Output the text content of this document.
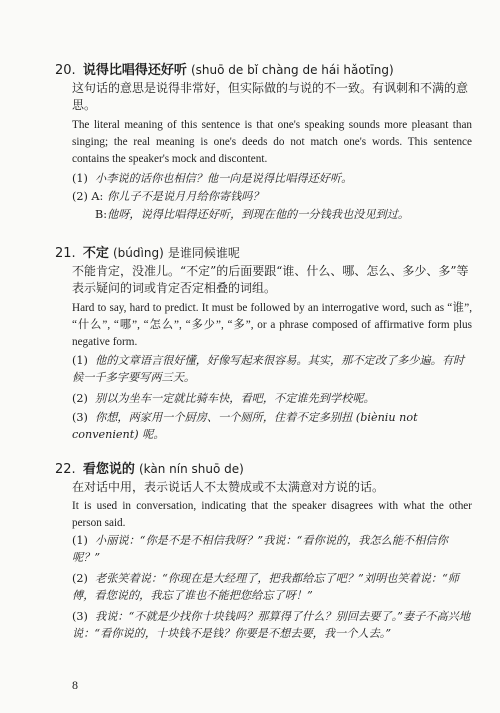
20. 说得比唱得还好听 (shuō de bǐ chàng de hái hǎotīng)
这句话的意思是说得非常好，但实际做的与说的不一致。有讽刺和不满的意思。
The literal meaning of this sentence is that one's speaking sounds more pleasant than singing; the real meaning is one's deeds do not match one's words. This sentence contains the speaker's mock and discontent.
(1) 小李说的话你也相信？他一向是说得比唱得还好听。
(2) A: 你儿子不是说月月给你寄钱吗？
B:他呀，说得比唱得还好听，到现在他的一分钱我也没见到过。
21. 不定 (búdìng) 是谁同候谁呢
不能肯定，没准儿。“不定”的后面要跟“谁、什么、哪、怎么、多少、多”等表示疑问的词或肯定否定相叠的词组。
Hard to say, hard to predict. It must be followed by an interrogative word, such as “谁”, “什么”, “哪”, “怎么”, “多少”, “多”, or a phrase composed of affirmative form plus negative form.
(1) 他的文章语言很好懂，好像写起来很容易。其实，那不定改了多少遍。有时候一千多字要写两三天。
(2) 别以为坐车一定就比骑车快，看吧，不定谁先到学校呢。
(3) 你想，两家用一个厨房、一个厕所，住着不定多别扭 (bièniu not convenient) 呢。
22. 看您说的 (kàn nín shuō de)
在对话中用，表示说话人不太赞成或不太满意对方说的话。
It is used in conversation, indicating that the speaker disagrees with what the other person said.
(1) 小丽说：“你是不是不相信我呀？”我说：“看你说的，我怎么能不相信你呢？”
(2) 老张笑着说：“你现在是大经理了，把我都给忘了吧？”刘明也笑着说：“师傅，看您说的，我忘了谁也不能把您给忘了呀！”
(3) 我说：“不就是少找你十块钱吗？那算得了什么？别回去要了。”妻子不高兴地说：“看你说的，十块钱不是钱？你要是不想去要，我一个人去。”
8
